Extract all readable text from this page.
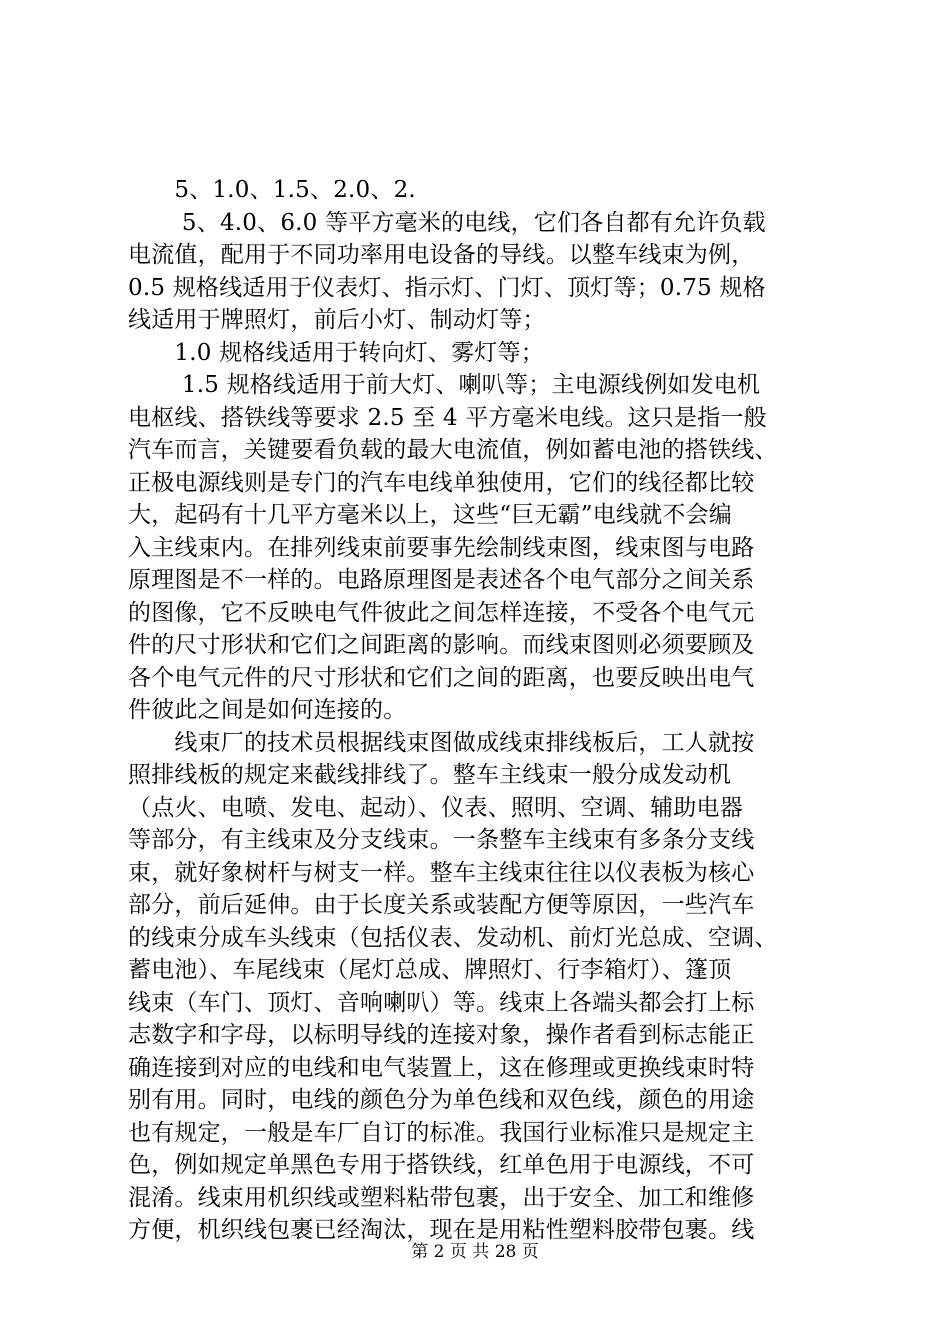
　　5、1.0、1.5、2.0、2.
　　 5、4.0、6.0 等平方毫米的电线，它们各自都有允许负载
电流值，配用于不同功率用电设备的导线。以整车线束为例，
0.5 规格线适用于仪表灯、指示灯、门灯、顶灯等；0.75 规格
线适用于牌照灯，前后小灯、制动灯等；
　　1.0 规格线适用于转向灯、雾灯等；
　　 1.5 规格线适用于前大灯、喇叭等；主电源线例如发电机
电枢线、搭铁线等要求 2.5 至 4 平方毫米电线。这只是指一般
汽车而言，关键要看负载的最大电流值，例如蓄电池的搭铁线、
正极电源线则是专门的汽车电线单独使用，它们的线径都比较
大，起码有十几平方毫米以上，这些“巨无霸”电线就不会编
入主线束内。在排列线束前要事先绘制线束图，线束图与电路
原理图是不一样的。电路原理图是表述各个电气部分之间关系
的图像，它不反映电气件彼此之间怎样连接，不受各个电气元
件的尺寸形状和它们之间距离的影响。而线束图则必须要顾及
各个电气元件的尺寸形状和它们之间的距离，也要反映出电气
件彼此之间是如何连接的。
　　线束厂的技术员根据线束图做成线束排线板后，工人就按
照排线板的规定来截线排线了。整车主线束一般分成发动机
（点火、电喷、发电、起动）、仪表、照明、空调、辅助电器
等部分，有主线束及分支线束。一条整车主线束有多条分支线
束，就好象树杆与树支一样。整车主线束往往以仪表板为核心
部分，前后延伸。由于长度关系或装配方便等原因，一些汽车
的线束分成车头线束（包括仪表、发动机、前灯光总成、空调、
蓄电池）、车尾线束（尾灯总成、牌照灯、行李箱灯）、篷顶
线束（车门、顶灯、音响喇叭）等。线束上各端头都会打上标
志数字和字母，以标明导线的连接对象，操作者看到标志能正
确连接到对应的电线和电气装置上，这在修理或更换线束时特
别有用。同时，电线的颜色分为单色线和双色线，颜色的用途
也有规定，一般是车厂自订的标准。我国行业标准只是规定主
色，例如规定单黑色专用于搭铁线，红单色用于电源线，不可
混淆。线束用机织线或塑料粘带包裹，出于安全、加工和维修
方便，机织线包裹已经淘汰，现在是用粘性塑料胶带包裹。线
第 2 页 共 28 页
